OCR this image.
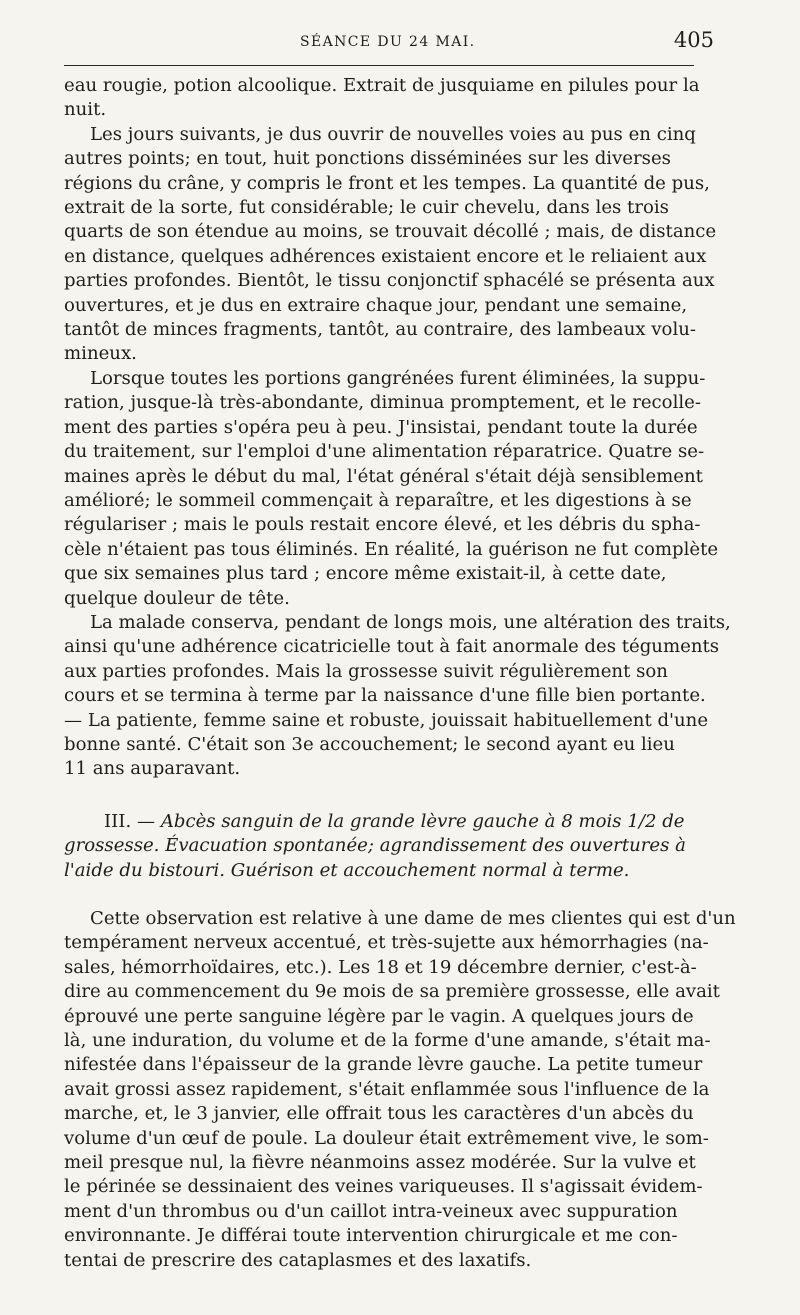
SÉANCE DU 24 MAI.	405

eau rougie, potion alcoolique. Extrait de jusquiame en pilules pour la
nuit.

Les jours suivants, je dus ouvrir de nouvelles voies au pus en cinq
autres points; en tout, huit ponctions disséminées sur les diverses
régions du crâne, y compris le front et les tempes. La quantité de pus,
extrait de la sorte, fut considérable; le cuir chevelu, dans les trois
quarts de son étendue au moins, se trouvait décollé ; mais, de distance
en distance, quelques adhérences existaient encore et le reliaient aux
parties profondes. Bientôt, le tissu conjonctif sphacélé se présenta aux
ouvertures, et je dus en extraire chaque jour, pendant une semaine,
tantôt de minces fragments, tantôt, au contraire, des lambeaux volu-
mineux.

Lorsque toutes les portions gangrénées furent éliminées, la suppu-
ration, jusque-là très-abondante, diminua promptement, et le recolle-
ment des parties s'opéra peu à peu. J'insistai, pendant toute la durée
du traitement, sur l'emploi d'une alimentation réparatrice. Quatre se-
maines après le début du mal, l'état général s'était déjà sensiblement
amélioré; le sommeil commençait à reparaître, et les digestions à se
régulariser ; mais le pouls restait encore élevé, et les débris du spha-
cèle n'étaient pas tous éliminés. En réalité, la guérison ne fut complète
que six semaines plus tard ; encore même existait-il, à cette date,
quelque douleur de tête.

La malade conserva, pendant de longs mois, une altération des traits,
ainsi qu'une adhérence cicatricielle tout à fait anormale des téguments
aux parties profondes. Mais la grossesse suivit régulièrement son
cours et se termina à terme par la naissance d'une fille bien portante.
— La patiente, femme saine et robuste, jouissait habituellement d'une
bonne santé. C'était son 3e accouchement; le second ayant eu lieu
11 ans auparavant.

III. — Abcès sanguin de la grande lèvre gauche à 8 mois 1/2 de
grossesse. Évacuation spontanée; agrandissement des ouvertures à
l'aide du bistouri. Guérison et accouchement normal à terme.

Cette observation est relative à une dame de mes clientes qui est d'un
tempérament nerveux accentué, et très-sujette aux hémorrhagies (na-
sales, hémorrhoïdaires, etc.). Les 18 et 19 décembre dernier, c'est-à-
dire au commencement du 9e mois de sa première grossesse, elle avait
éprouvé une perte sanguine légère par le vagin. A quelques jours de
là, une induration, du volume et de la forme d'une amande, s'était ma-
nifestée dans l'épaisseur de la grande lèvre gauche. La petite tumeur
avait grossi assez rapidement, s'était enflammée sous l'influence de la
marche, et, le 3 janvier, elle offrait tous les caractères d'un abcès du
volume d'un œuf de poule. La douleur était extrêmement vive, le som-
meil presque nul, la fièvre néanmoins assez modérée. Sur la vulve et
le périnée se dessinaient des veines variqueuses. Il s'agissait évidem-
ment d'un thrombus ou d'un caillot intra-veineux avec suppuration
environnante. Je différai toute intervention chirurgicale et me con-
tentai de prescrire des cataplasmes et des laxatifs.
